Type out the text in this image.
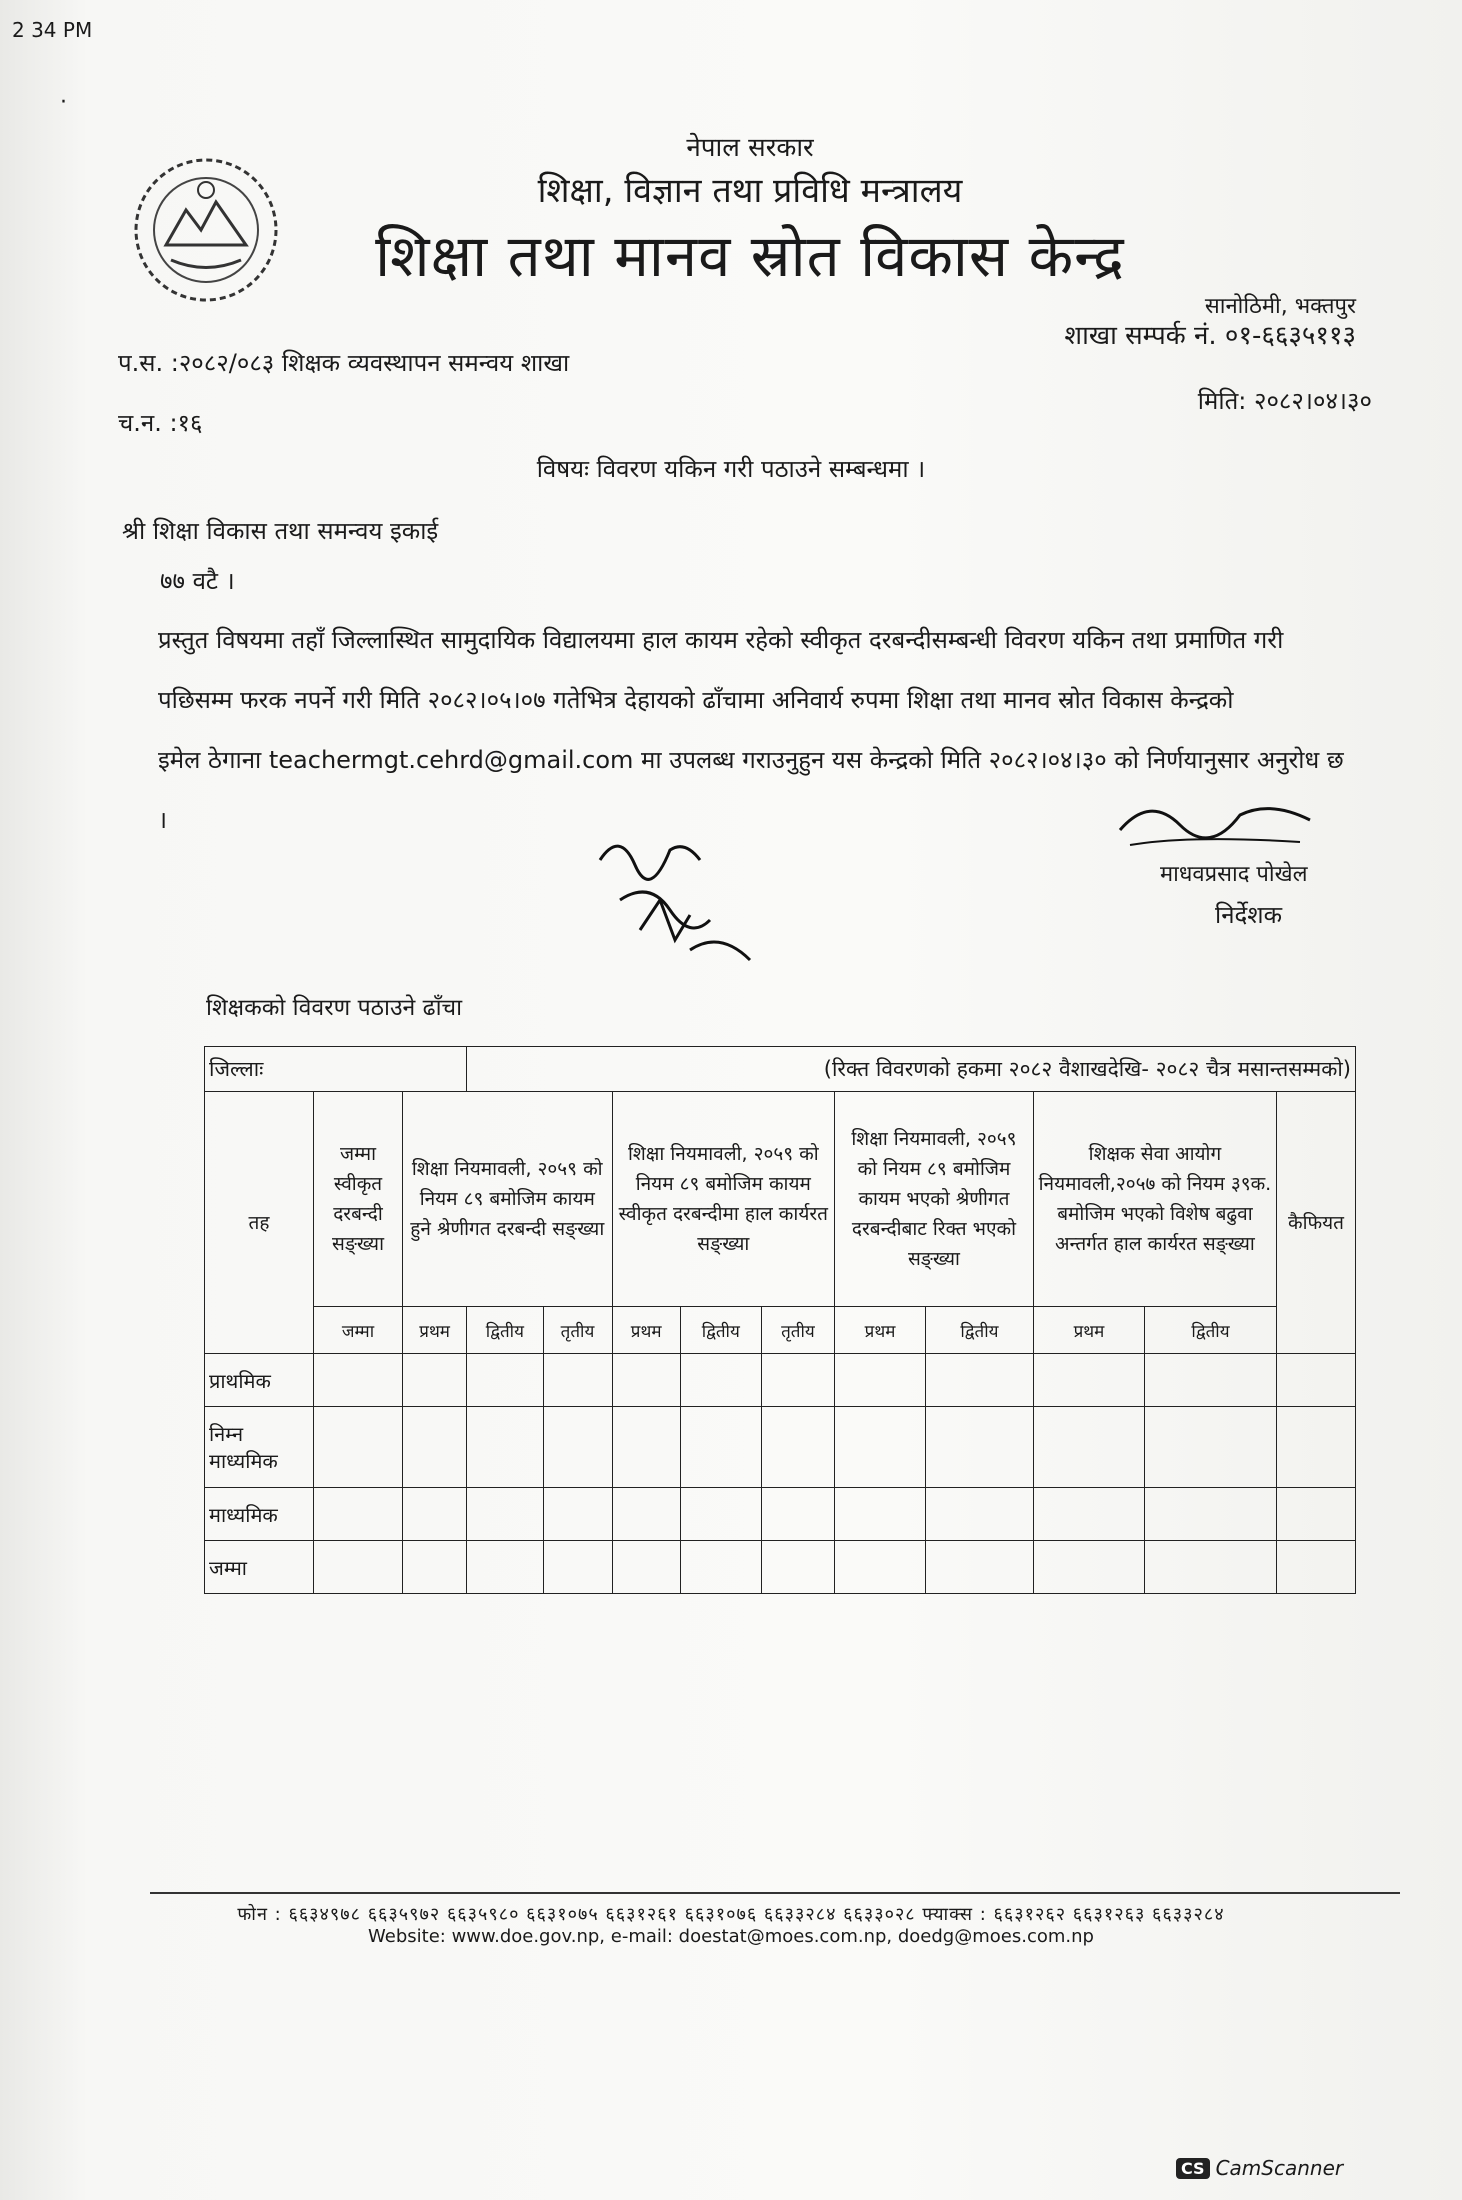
2 34 PM
·
नेपाल सरकार
शिक्षा, विज्ञान तथा प्रविधि मन्त्रालय
शिक्षा तथा मानव स्रोत विकास केन्द्र
सानोठिमी, भक्तपुर
शाखा सम्पर्क नं. ०१-६६३५११३
प.स. :२०८२/०८३ शिक्षक व्यवस्थापन समन्वय शाखा
च.न. :१६
मिति: २०८२।०४।३०
विषयः विवरण यकिन गरी पठाउने सम्बन्धमा ।
श्री शिक्षा विकास तथा समन्वय इकाई
७७ वटै ।
प्रस्तुत विषयमा तहाँ जिल्लास्थित सामुदायिक विद्यालयमा हाल कायम रहेको स्वीकृत दरबन्दीसम्बन्धी विवरण यकिन तथा प्रमाणित गरी
पछिसम्म फरक नपर्ने गरी मिति २०८२।०५।०७ गतेभित्र देहायको ढाँचामा अनिवार्य रुपमा शिक्षा तथा मानव स्रोत विकास केन्द्रको
इमेल ठेगाना teachermgt.cehrd@gmail.com मा उपलब्ध गराउनुहुन यस केन्द्रको मिति २०८२।०४।३० को निर्णयानुसार अनुरोध छ
।
माधवप्रसाद पोखेल
निर्देशक
शिक्षकको विवरण पठाउने ढाँचा
जिल्लाः			(रिक्त विवरणको हकमा २०८२ वैशाखदेखि- २०८२ चैत्र मसान्तसम्मको)									
तह	जम्मा स्वीकृत दरबन्दी सङ्ख्या	शिक्षा नियमावली, २०५९ को नियम ८९ बमोजिम कायम हुने श्रेणीगत दरबन्दी सङ्ख्या			शिक्षा नियमावली, २०५९ को नियम ८९ बमोजिम कायम स्वीकृत दरबन्दीमा हाल कार्यरत सङ्ख्या			शिक्षा नियमावली, २०५९ को नियम ८९ बमोजिम कायम भएको श्रेणीगत दरबन्दीबाट रिक्त भएको सङ्ख्या		शिक्षक सेवा आयोग नियमावली,२०५७ को नियम ३९क. बमोजिम भएको विशेष बढुवा अन्तर्गत हाल कार्यरत सङ्ख्या		कैफियत
	जम्मा	प्रथम	द्वितीय	तृतीय	प्रथम	द्वितीय	तृतीय	प्रथम	द्वितीय	प्रथम	द्वितीय	
प्राथमिक												
निम्न माध्यमिक												
माध्यमिक												
जम्मा												
फोन : ६६३४९७८ ६६३५९७२ ६६३५९८० ६६३१०७५ ६६३१२६१ ६६३१०७६ ६६३३२८४ ६६३३०२८ फ्याक्स : ६६३१२६२ ६६३१२६३ ६६३३२८४
Website: www.doe.gov.np, e-mail: doestat@moes.com.np, doedg@moes.com.np
CS CamScanner
